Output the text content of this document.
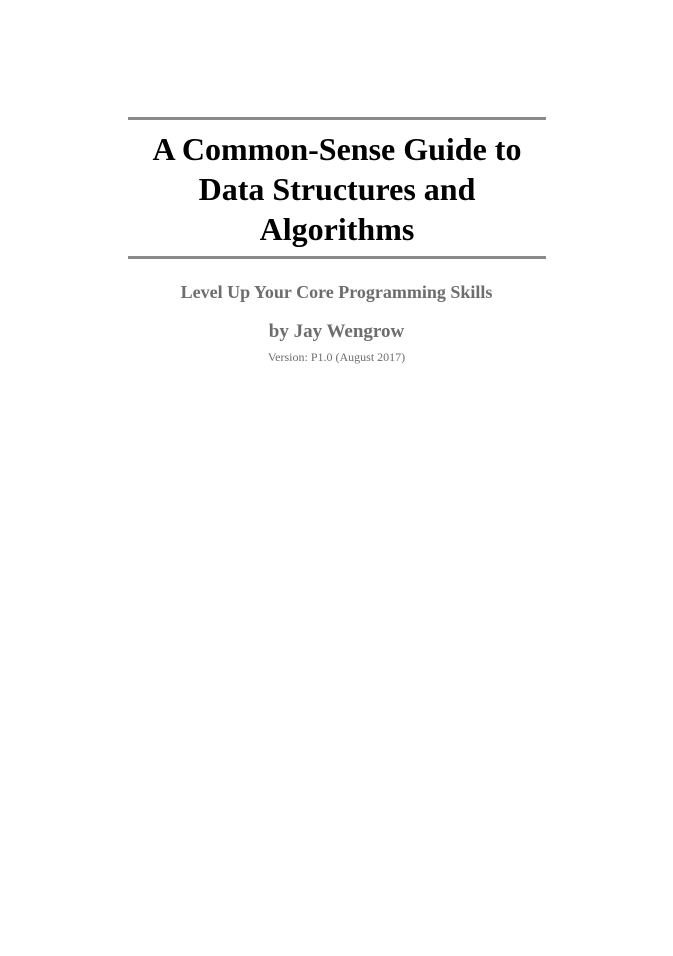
A Common-Sense Guide to
Data Structures and
Algorithms

Level Up Your Core Programming Skills

by Jay Wengrow

Version: P1.0 (August 2017)
